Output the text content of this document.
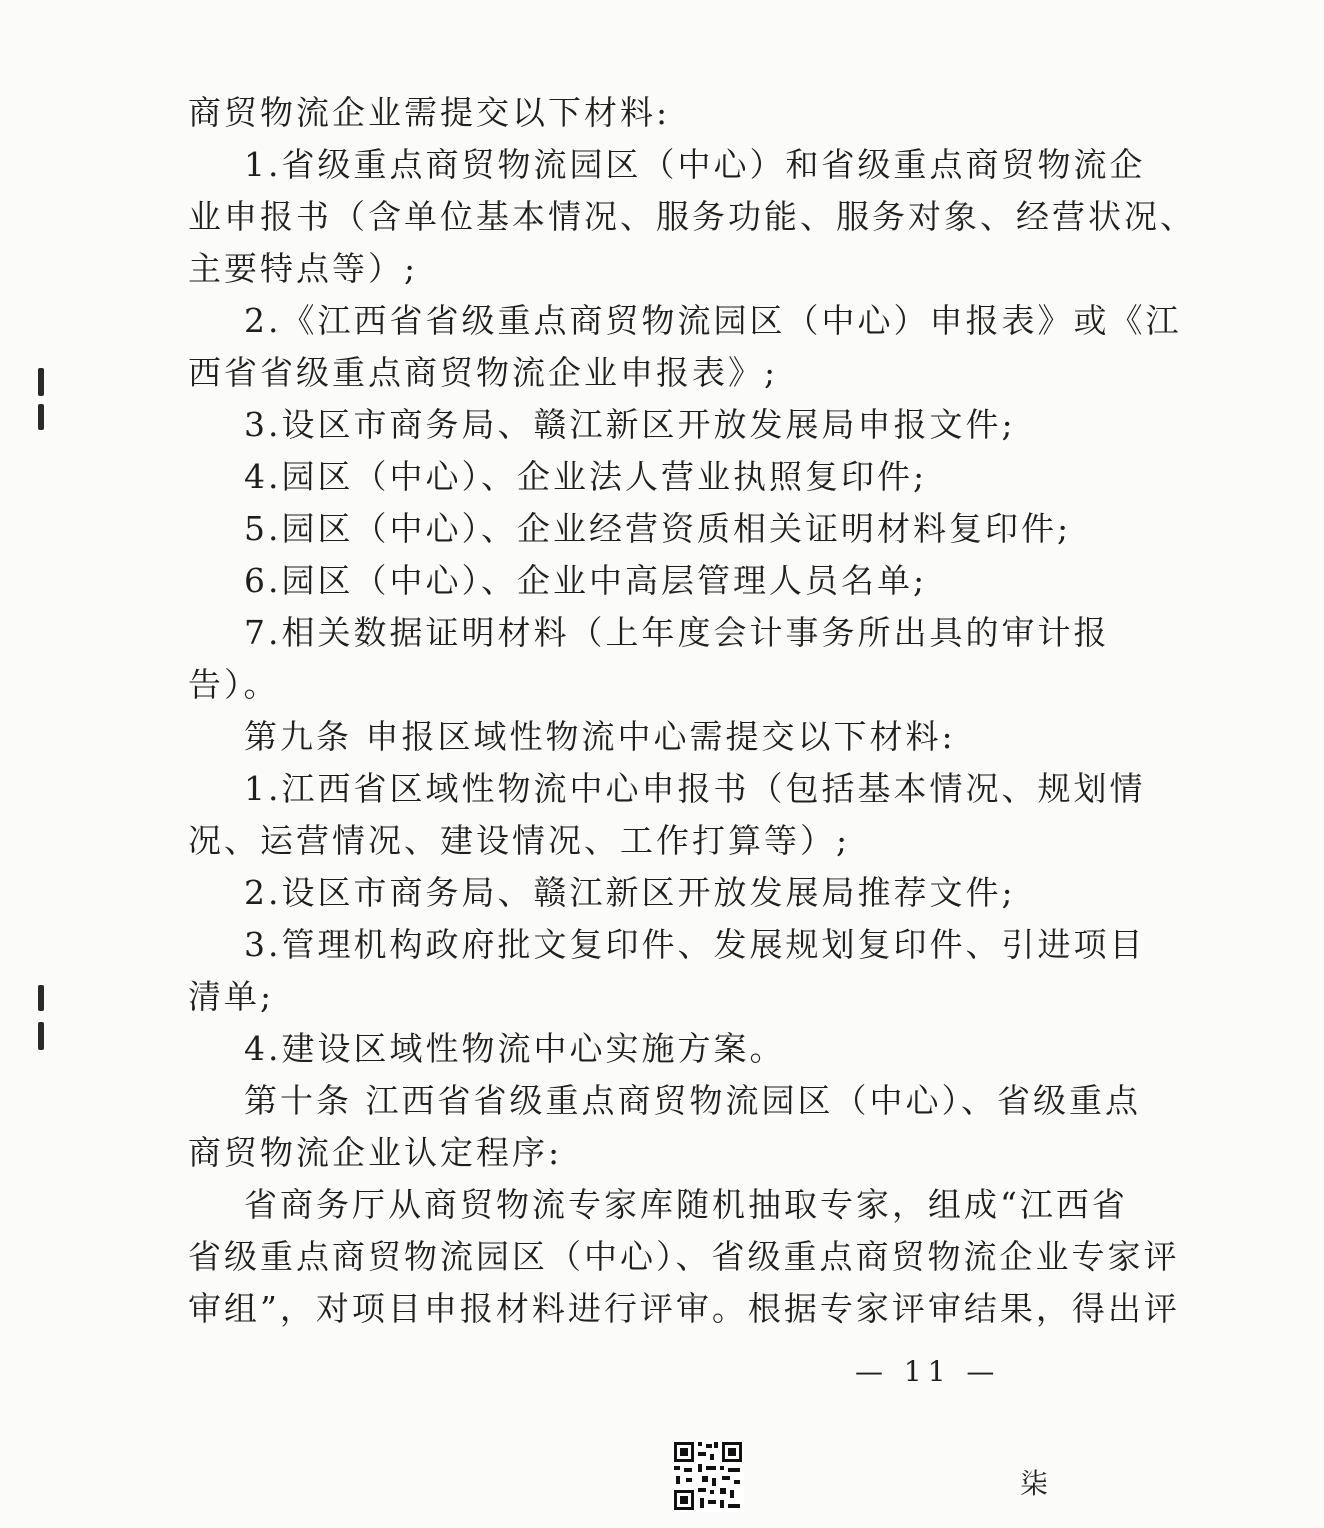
商贸物流企业需提交以下材料:
1.省级重点商贸物流园区（中心）和省级重点商贸物流企
业申报书（含单位基本情况、服务功能、服务对象、经营状况、
主要特点等）;
2.《江西省省级重点商贸物流园区（中心）申报表》或《江
西省省级重点商贸物流企业申报表》;
3.设区市商务局、赣江新区开放发展局申报文件;
4.园区（中心）、企业法人营业执照复印件;
5.园区（中心）、企业经营资质相关证明材料复印件;
6.园区（中心）、企业中高层管理人员名单;
7.相关数据证明材料（上年度会计事务所出具的审计报
告）。
第九条 申报区域性物流中心需提交以下材料:
1.江西省区域性物流中心申报书（包括基本情况、规划情
况、运营情况、建设情况、工作打算等）;
2.设区市商务局、赣江新区开放发展局推荐文件;
3.管理机构政府批文复印件、发展规划复印件、引进项目
清单;
4.建设区域性物流中心实施方案。
第十条 江西省省级重点商贸物流园区（中心）、省级重点
商贸物流企业认定程序:
省商务厅从商贸物流专家库随机抽取专家，组成“江西省
省级重点商贸物流园区（中心）、省级重点商贸物流企业专家评
审组”，对项目申报材料进行评审。根据专家评审结果，得出评
— 11 —
柒
